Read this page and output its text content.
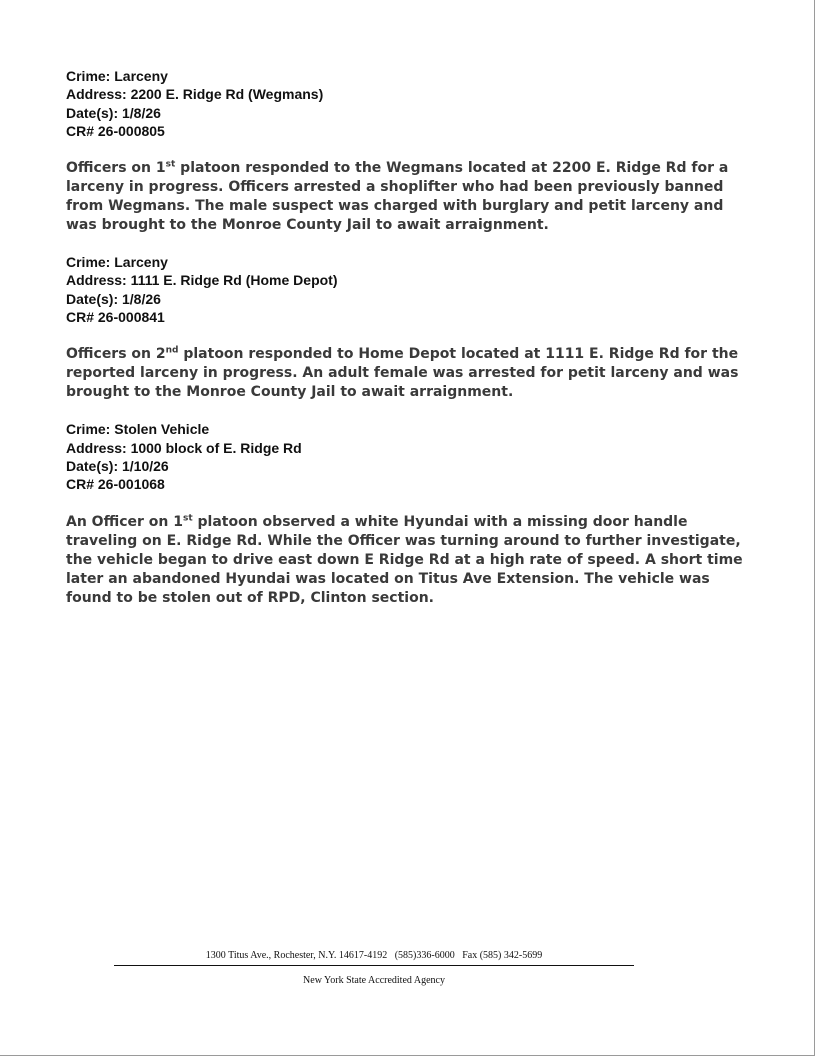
Crime: Larceny
Address: 2200 E. Ridge Rd (Wegmans)
Date(s): 1/8/26
CR# 26-000805

Officers on 1st platoon responded to the Wegmans located at 2200 E. Ridge Rd for a larceny in progress. Officers arrested a shoplifter who had been previously banned from Wegmans. The male suspect was charged with burglary and petit larceny and was brought to the Monroe County Jail to await arraignment.

Crime: Larceny
Address: 1111 E. Ridge Rd (Home Depot)
Date(s): 1/8/26
CR# 26-000841

Officers on 2nd platoon responded to Home Depot located at 1111 E. Ridge Rd for the reported larceny in progress. An adult female was arrested for petit larceny and was brought to the Monroe County Jail to await arraignment.

Crime: Stolen Vehicle
Address: 1000 block of E. Ridge Rd
Date(s): 1/10/26
CR# 26-001068

An Officer on 1st platoon observed a white Hyundai with a missing door handle traveling on E. Ridge Rd. While the Officer was turning around to further investigate, the vehicle began to drive east down E Ridge Rd at a high rate of speed. A short time later an abandoned Hyundai was located on Titus Ave Extension. The vehicle was found to be stolen out of RPD, Clinton section.

1300 Titus Ave., Rochester, N.Y. 14617-4192   (585)336-6000   Fax (585) 342-5699
New York State Accredited Agency
